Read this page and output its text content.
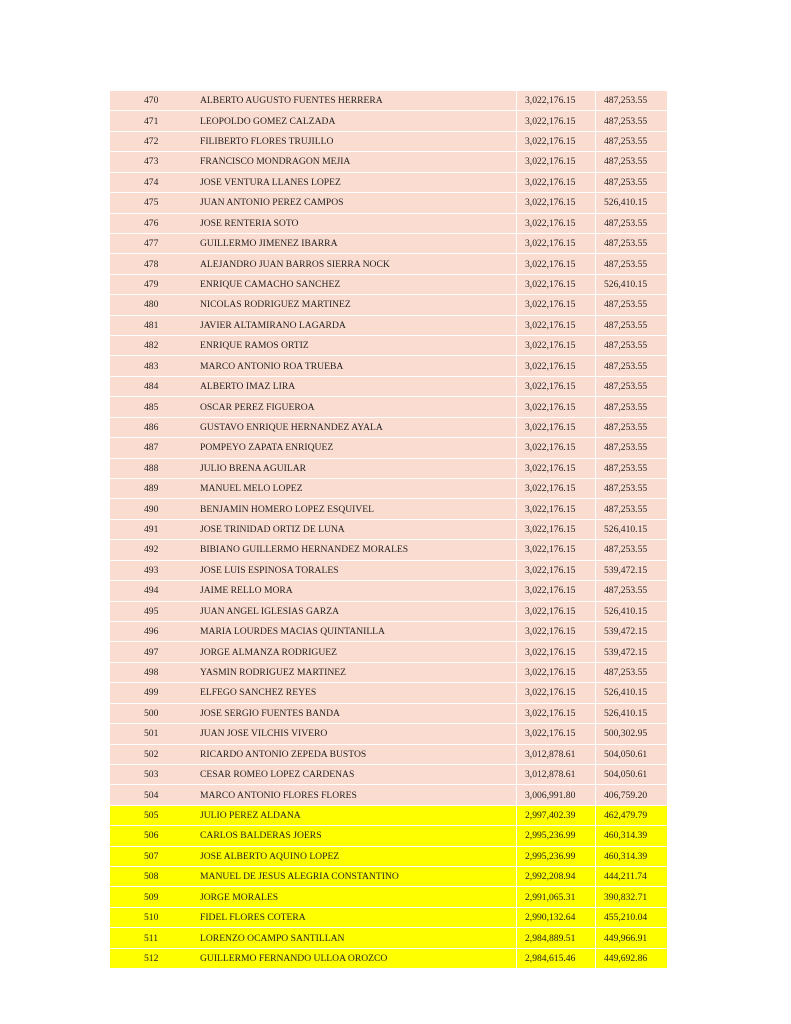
470	ALBERTO AUGUSTO FUENTES HERRERA	3,022,176.15	487,253.55
471	LEOPOLDO GOMEZ CALZADA	3,022,176.15	487,253.55
472	FILIBERTO FLORES TRUJILLO	3,022,176.15	487,253.55
473	FRANCISCO MONDRAGON MEJIA	3,022,176.15	487,253.55
474	JOSE VENTURA LLANES LOPEZ	3,022,176.15	487,253.55
475	JUAN ANTONIO PEREZ CAMPOS	3,022,176.15	526,410.15
476	JOSE RENTERIA SOTO	3,022,176.15	487,253.55
477	GUILLERMO JIMENEZ IBARRA	3,022,176.15	487,253.55
478	ALEJANDRO JUAN BARROS SIERRA NOCK	3,022,176.15	487,253.55
479	ENRIQUE CAMACHO SANCHEZ	3,022,176.15	526,410.15
480	NICOLAS RODRIGUEZ MARTINEZ	3,022,176.15	487,253.55
481	JAVIER ALTAMIRANO LAGARDA	3,022,176.15	487,253.55
482	ENRIQUE RAMOS ORTIZ	3,022,176.15	487,253.55
483	MARCO ANTONIO ROA TRUEBA	3,022,176.15	487,253.55
484	ALBERTO IMAZ LIRA	3,022,176.15	487,253.55
485	OSCAR PEREZ FIGUEROA	3,022,176.15	487,253.55
486	GUSTAVO ENRIQUE HERNANDEZ AYALA	3,022,176.15	487,253.55
487	POMPEYO ZAPATA ENRIQUEZ	3,022,176.15	487,253.55
488	JULIO BRENA AGUILAR	3,022,176.15	487,253.55
489	MANUEL MELO LOPEZ	3,022,176.15	487,253.55
490	BENJAMIN HOMERO LOPEZ ESQUIVEL	3,022,176.15	487,253.55
491	JOSE TRINIDAD ORTIZ DE LUNA	3,022,176.15	526,410.15
492	BIBIANO GUILLERMO HERNANDEZ MORALES	3,022,176.15	487,253.55
493	JOSE LUIS ESPINOSA TORALES	3,022,176.15	539,472.15
494	JAIME RELLO MORA	3,022,176.15	487,253.55
495	JUAN ANGEL IGLESIAS GARZA	3,022,176.15	526,410.15
496	MARIA LOURDES MACIAS QUINTANILLA	3,022,176.15	539,472.15
497	JORGE ALMANZA RODRIGUEZ	3,022,176.15	539,472.15
498	YASMIN RODRIGUEZ MARTINEZ	3,022,176.15	487,253.55
499	ELFEGO SANCHEZ REYES	3,022,176.15	526,410.15
500	JOSE SERGIO FUENTES BANDA	3,022,176.15	526,410.15
501	JUAN JOSE VILCHIS VIVERO	3,022,176.15	500,302.95
502	RICARDO ANTONIO ZEPEDA BUSTOS	3,012,878.61	504,050.61
503	CESAR ROMEO LOPEZ CARDENAS	3,012,878.61	504,050.61
504	MARCO ANTONIO FLORES FLORES	3,006,991.80	406,759.20
505	JULIO PEREZ ALDANA	2,997,402.39	462,479.79
506	CARLOS BALDERAS JOERS	2,995,236.99	460,314.39
507	JOSE ALBERTO AQUINO LOPEZ	2,995,236.99	460,314.39
508	MANUEL DE JESUS ALEGRIA CONSTANTINO	2,992,208.94	444,211.74
509	JORGE MORALES	2,991,065.31	390,832.71
510	FIDEL FLORES COTERA	2,990,132.64	455,210.04
511	LORENZO OCAMPO SANTILLAN	2,984,889.51	449,966.91
512	GUILLERMO FERNANDO ULLOA OROZCO	2,984,615.46	449,692.86
